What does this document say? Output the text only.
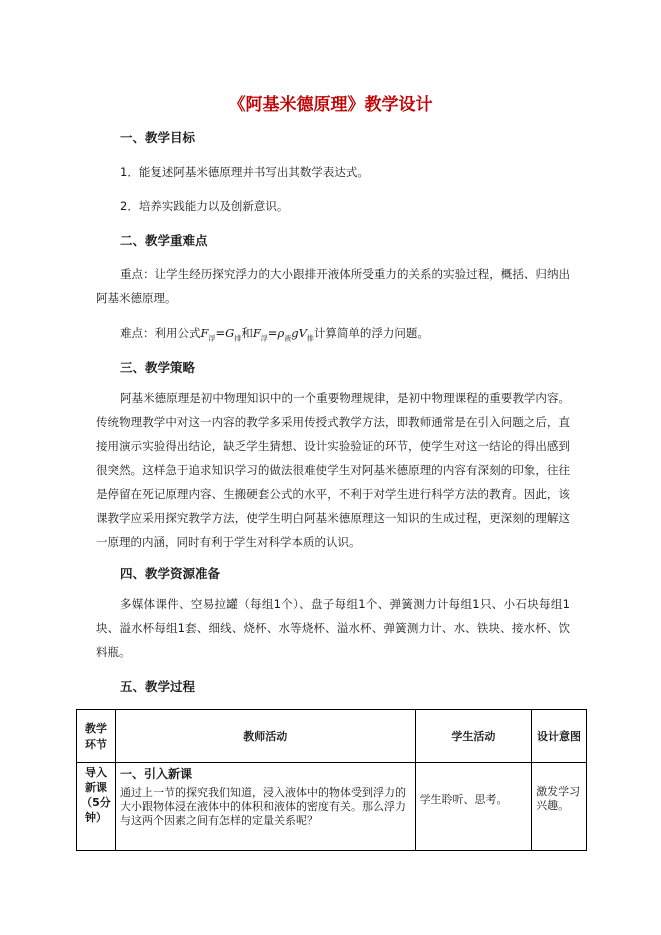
《阿基米德原理》教学设计
一、教学目标
1．能复述阿基米德原理并书写出其数学表达式。
2．培养实践能力以及创新意识。
二、教学重难点
重点：让学生经历探究浮力的大小跟排开液体所受重力的关系的实验过程，概括、归纳出阿基米德原理。
难点：利用公式$F_浮=G_排$和$F_浮=\rho_液gV_排$计算简单的浮力问题。
三、教学策略
阿基米德原理是初中物理知识中的一个重要物理规律，是初中物理课程的重要教学内容。传统物理教学中对这一内容的教学多采用传授式教学方法，即教师通常是在引入问题之后，直接用演示实验得出结论，缺乏学生猜想、设计实验验证的环节，使学生对这一结论的得出感到很突然。这样急于追求知识学习的做法很难使学生对阿基米德原理的内容有深刻的印象，往往是停留在死记原理内容、生搬硬套公式的水平，不利于对学生进行科学方法的教育。因此，该课教学应采用探究教学方法，使学生明白阿基米德原理这一知识的生成过程，更深刻的理解这一原理的内涵，同时有利于学生对科学本质的认识。
四、教学资源准备
多媒体课件、空易拉罐（每组1个）、盘子每组1个、弹簧测力计每组1只、小石块每组1块、溢水杯每组1套、细线、烧杯、水等烧杯、溢水杯、弹簧测力计、水、铁块、接水杯、饮料瓶。
五、教学过程
教学环节	教师活动	学生活动	设计意图
导入新课（5分钟）	一、引入新课
通过上一节的探究我们知道，浸入液体中的物体受到浮力的大小跟物体浸在液体中的体积和液体的密度有关。那么浮力与这两个因素之间有怎样的定量关系呢？	学生聆听、思考。	激发学习兴趣。
